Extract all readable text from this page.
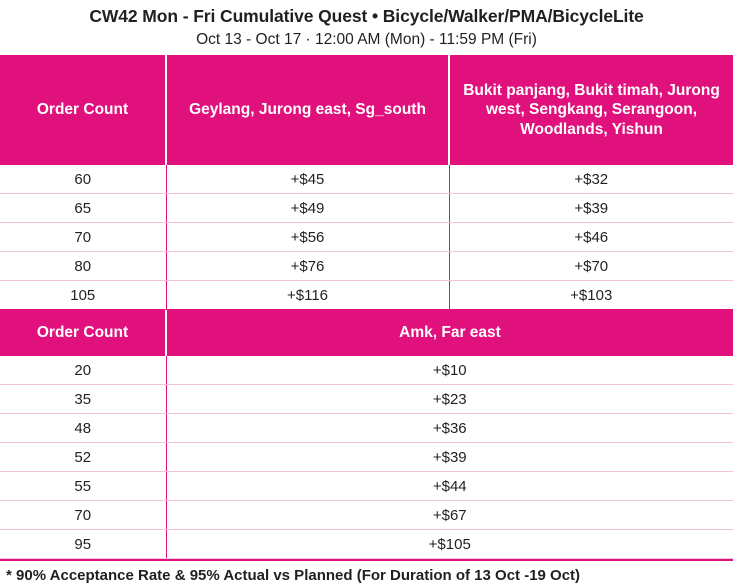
CW42 Mon - Fri Cumulative Quest • Bicycle/Walker/PMA/BicycleLite
Oct 13 - Oct 17 · 12:00 AM (Mon) - 11:59 PM (Fri)
Order Count	Geylang, Jurong east, Sg_south	Bukit panjang, Bukit timah, Jurong west, Sengkang, Serangoon, Woodlands, Yishun
60	+$45	+$32
65	+$49	+$39
70	+$56	+$46
80	+$76	+$70
105	+$116	+$103
Order Count	Amk, Far east
20	+$10
35	+$23
48	+$36
52	+$39
55	+$44
70	+$67
95	+$105
* 90% Acceptance Rate & 95% Actual vs Planned (For Duration of 13 Oct -19 Oct)
